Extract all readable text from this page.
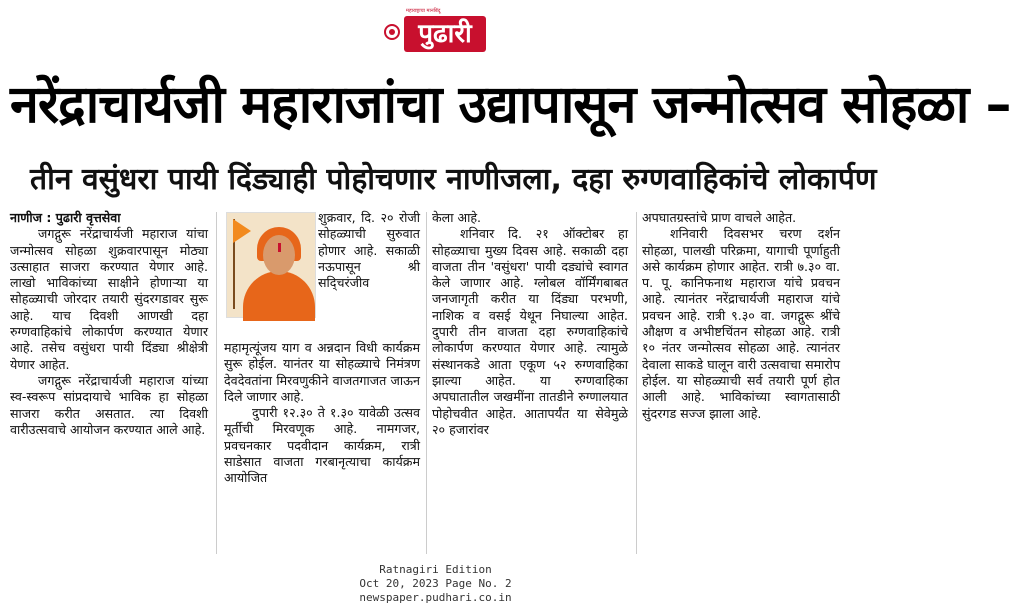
महाराष्ट्राचा मानबिंदू
पुढारी
नरेंद्राचार्यजी महाराजांचा उद्यापासून जन्मोत्सव सोहळा –
तीन वसुंधरा पायी दिंड्याही पोहोचणार नाणीजला, दहा रुग्णवाहिकांचे लोकार्पण

नाणीज : पुढारी वृत्तसेवा

जगद्गुरू नरेंद्राचार्यजी महाराज यांचा जन्मोत्सव सोहळा शुक्रवारपासून मोठ्या उत्साहात साजरा करण्यात येणार आहे. लाखो भाविकांच्या साक्षीने होणाऱ्या या सोहळ्याची जोरदार तयारी सुंदरगडावर सुरू आहे. याच दिवशी आणखी दहा रुग्णवाहिकांचे लोकार्पण करण्यात येणार आहे. तसेच वसुंधरा पायी दिंड्या श्रीक्षेत्री येणार आहेत.

जगद्गुरू नरेंद्राचार्यजी महाराज यांच्या स्व-स्वरूप सांप्रदायाचे भाविक हा सोहळा साजरा करीत असतात. त्या दिवशी वारीउत्सवाचे आयोजन करण्यात आले आहे.

शुक्रवार, दि. २० रोजी सोहळ्याची सुरुवात होणार आहे. सकाळी नऊपासून श्री सद्‍चिरंजीव

महामृत्यूंजय याग व अन्नदान विधी कार्यक्रम सुरू होईल. यानंतर या सोहळ्याचे निमंत्रण देवदेवतांना मिरवणुकीने वाजतगाजत जाऊन दिले जाणार आहे.

दुपारी १२.३० ते १.३० यावेळी उत्सव मूर्तीची मिरवणूक आहे. नामगजर, प्रवचनकार पदवीदान कार्यक्रम, रात्री साडेसात वाजता गरबानृत्याचा कार्यक्रम आयोजित

केला आहे.

शनिवार दि. २१ ऑक्टोबर हा सोहळ्याचा मुख्य दिवस आहे. सकाळी दहा वाजता तीन 'वसुंधरा' पायी दड्यांचे स्वागत केले जाणार आहे. ग्लोबल वॉर्मिंगबाबत जनजागृती करीत या दिंड्या परभणी, नाशिक व वसई येथून निघाल्या आहेत. दुपारी तीन वाजता दहा रुग्णवाहिकांचे लोकार्पण करण्यात येणार आहे. त्यामुळे संस्थानकडे आता एकूण ५२ रुग्णवाहिका झाल्या आहेत. या रुग्णवाहिका अपघातातील जखमींना तातडीने रुग्णालयात पोहोचवीत आहेत. आतापर्यंत या सेवेमुळे २० हजारांवर

अपघातग्रस्तांचे प्राण वाचले आहेत.

शनिवारी दिवसभर चरण दर्शन सोहळा, पालखी परिक्रमा, यागाची पूर्णाहुती असे कार्यक्रम होणार आहेत. रात्री ७.३० वा. प. पू. कानिफनाथ महाराज यांचे प्रवचन आहे. त्यानंतर नरेंद्राचार्यजी महाराज यांचे प्रवचन आहे. रात्री ९.३० वा. जगद्गुरू श्रींचे औक्षण व अभीष्टचिंतन सोहळा आहे. रात्री १० नंतर जन्मोत्सव सोहळा आहे. त्यानंतर देवाला साकडे घालून वारी उत्सवाचा समारोप होईल. या सोहळ्याची सर्व तयारी पूर्ण होत आली आहे. भाविकांच्या स्वागतासाठी सुंदरगड सज्ज झाला आहे.

Ratnagiri Edition
Oct 20, 2023 Page No. 2
newspaper.pudhari.co.in
